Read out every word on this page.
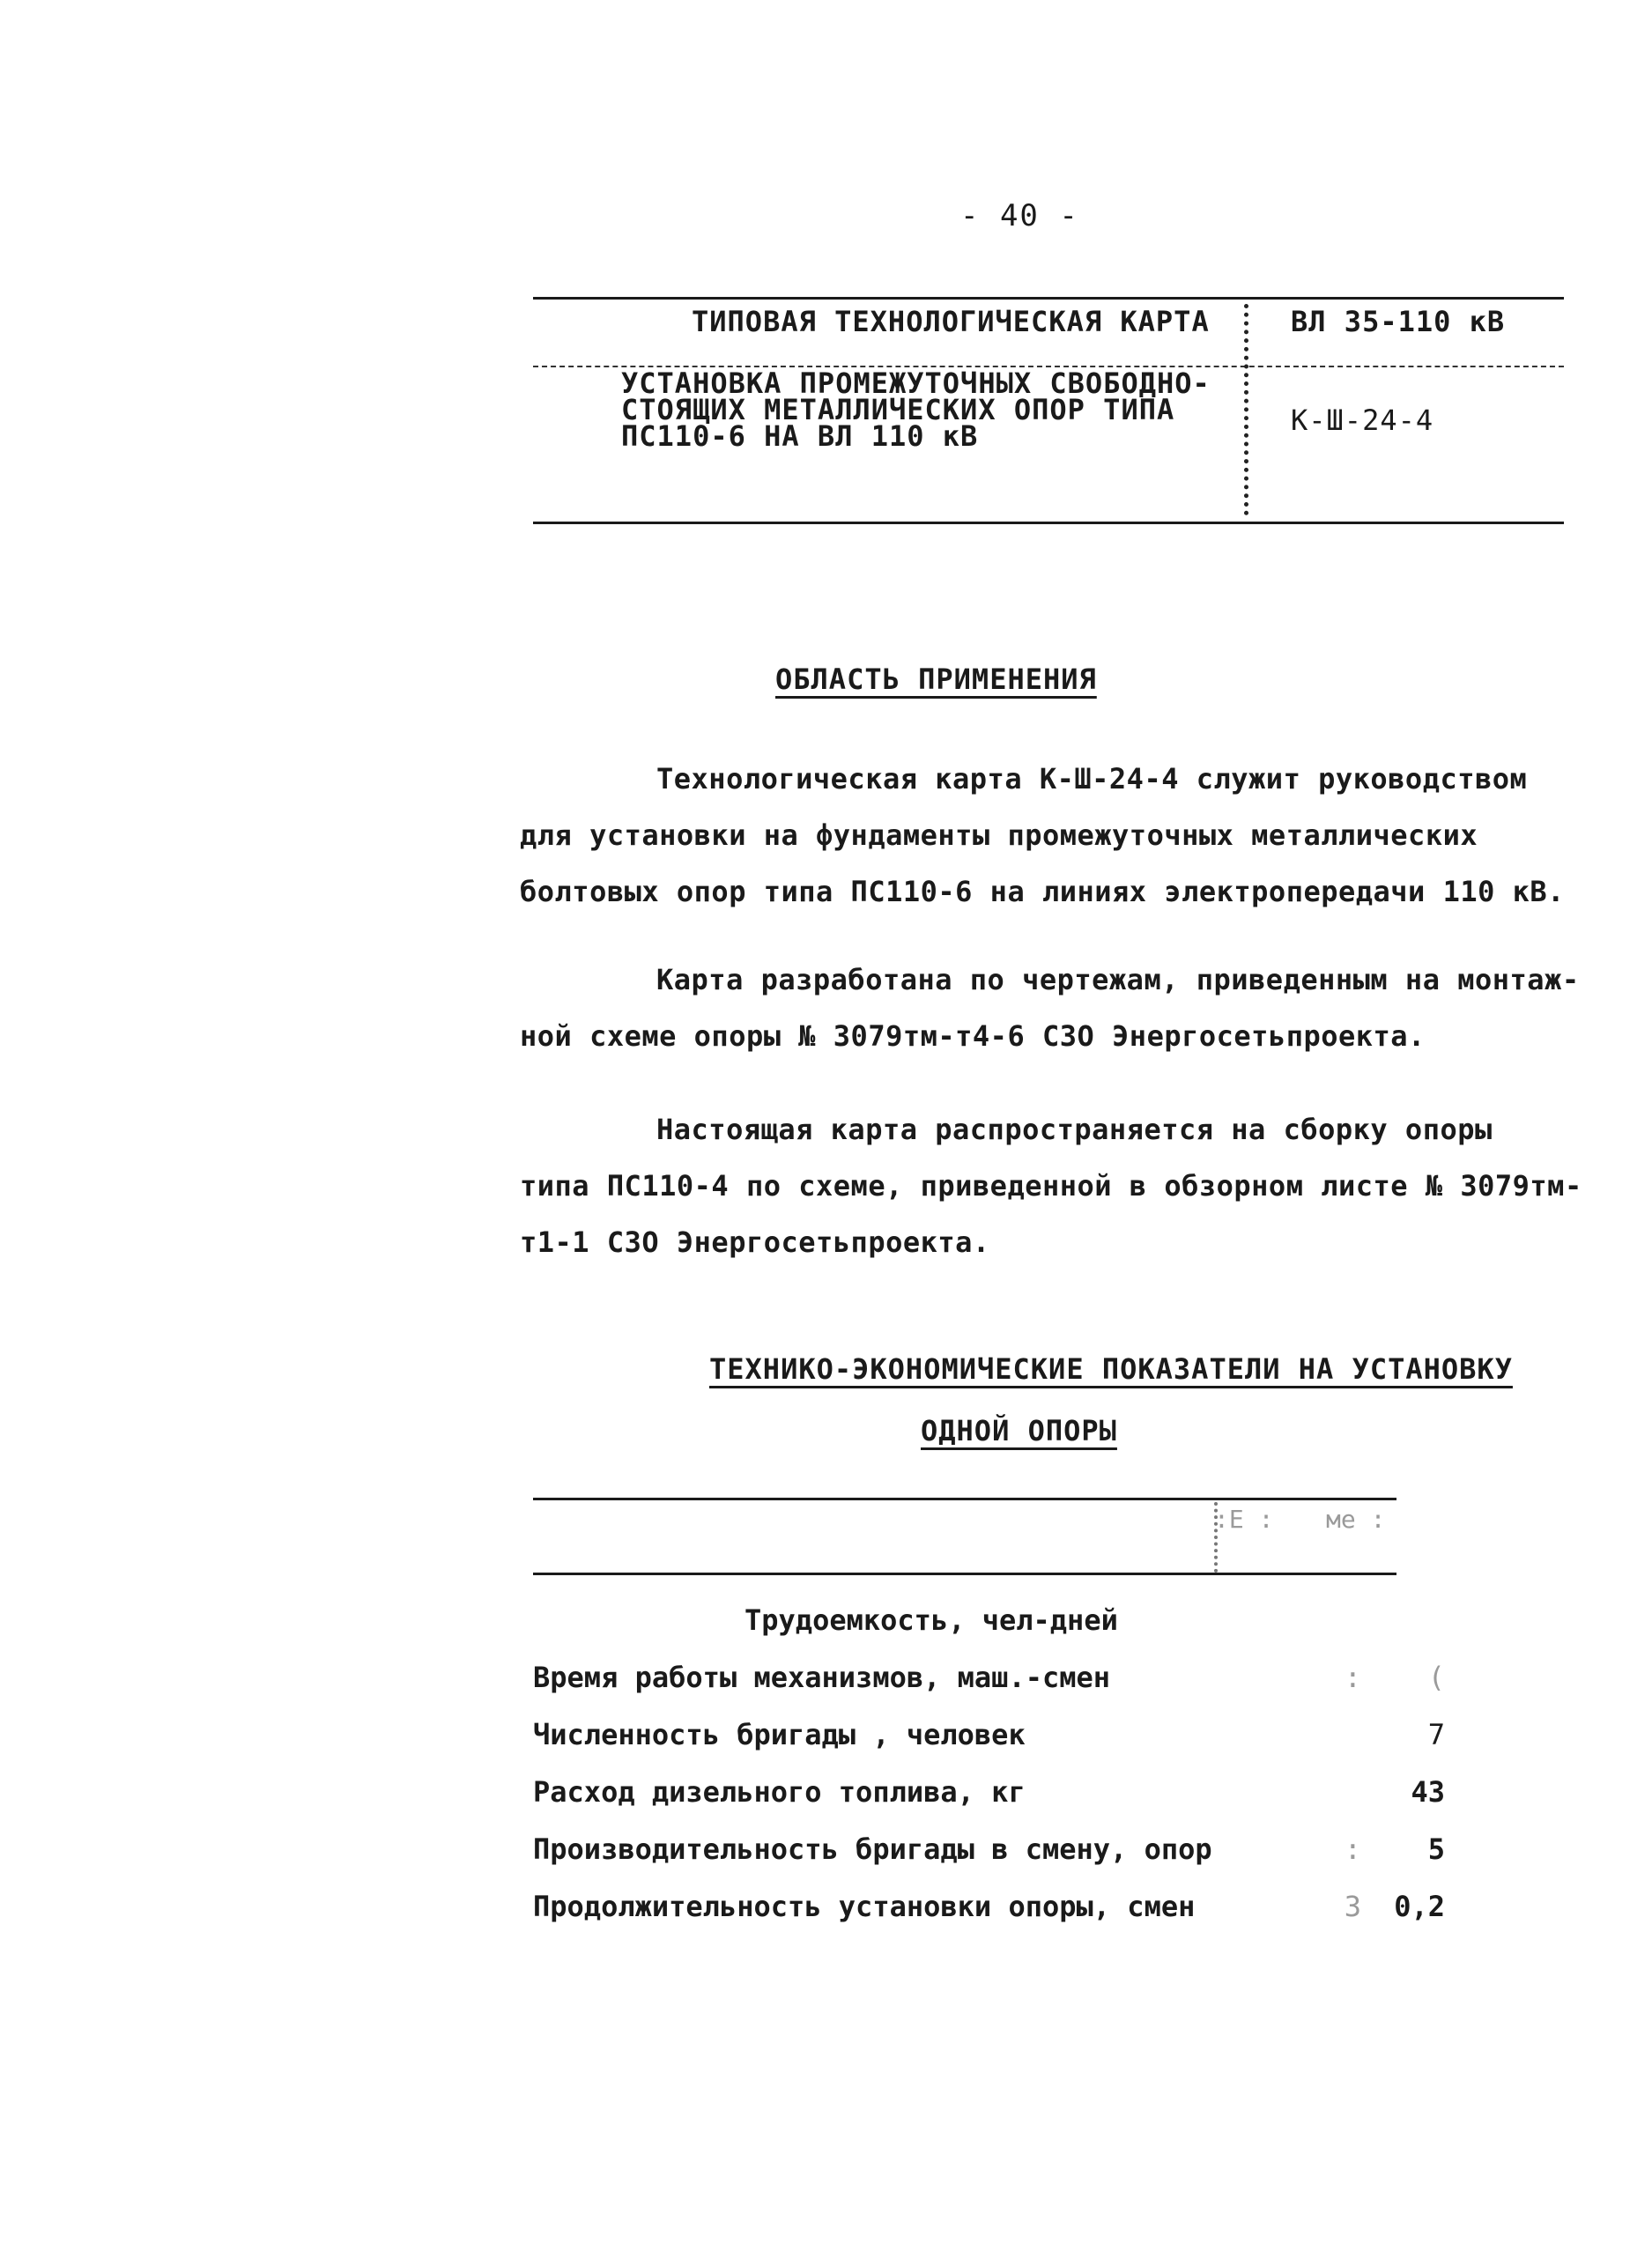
- 40 -
ТИПОВАЯ ТЕХНОЛОГИЧЕСКАЯ КАРТА	ВЛ 35-110 кВ
УСТАНОВКА ПРОМЕЖУТОЧНЫХ СВОБОДНО-
СТОЯЩИХ МЕТАЛЛИЧЕСКИХ ОПОР ТИПА
ПС110-6 НА ВЛ 110 кВ	К-Ш-24-4
ОБЛАСТЬ ПРИМЕНЕНИЯ
Технологическая карта К-Ш-24-4 служит руководством
для установки на фундаменты промежуточных металлических
болтовых опор типа ПС110-6 на линиях электропередачи 110 кВ.
Карта разработана по чертежам, приведенным на монтаж-
ной схеме опоры № 3079тм-т4-6 СЗО Энергосетьпроекта.
Настоящая карта распространяется на сборку опоры
типа ПС110-4 по схеме, приведенной в обзорном листе № 3079тм-
т1-1 СЗО Энергосетьпроекта.
ТЕХНИКО-ЭКОНОМИЧЕСКИЕ ПОКАЗАТЕЛИ НА УСТАНОВКУ
ОДНОЙ ОПОРЫ
:Е : ме :
Трудоемкость, чел-дней
Время работы механизмов, маш.-смен	:	(
Численность бригады , человек	7
Расход дизельного топлива, кг	43
Производительность бригады в смену, опор	:	5
Продолжительность установки опоры, смен	3	0,2
